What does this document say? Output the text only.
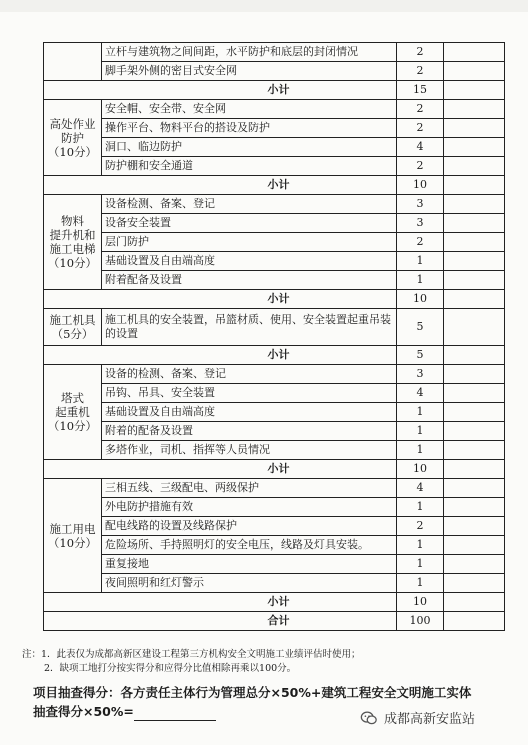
	立杆与建筑物之间间距，水平防护和底层的封闭情况	2	
	脚手架外侧的密目式安全网	2	
小计		15	

高处作业
防护
（10分）	安全帽、安全带、安全网	2	
	操作平台、物料平台的搭设及防护	2	
	洞口、临边防护	4	
	防护棚和安全通道	2	
小计		10	

物料
提升机和
施工电梯
（10分）	设备检测、备案、登记	3	
	设备安全装置	3	
	层门防护	2	
	基础设置及自由端高度	1	
	附着配备及设置	1	
小计		10	

施工机具
（5分）	施工机具的安全装置，吊篮材质、使用、安全装置起重吊装的设置	5	
小计		5	

塔式
起重机
（10分）	设备的检测、备案、登记	3	
	吊钩、吊具、安全装置	4	
	基础设置及自由端高度	1	
	附着的配备及设置	1	
	多塔作业，司机、指挥等人员情况	1	
小计		10	

施工用电
（10分）	三相五线、三级配电、两级保护	4	
	外电防护措施有效	1	
	配电线路的设置及线路保护	2	
	危险场所、手持照明灯的安全电压，线路及灯具安装。	1	
	重复接地	1	
	夜间照明和红灯警示	1	
小计		10	
合计		100	
注：1．此表仅为成都高新区建设工程第三方机构安全文明施工业绩评估时使用；
2．缺项工地打分按实得分和应得分比值相除再乘以100分。
项目抽查得分：各方责任主体行为管理总分×50%+建筑工程安全文明施工实体
抽查得分×50%=
成都高新安监站
